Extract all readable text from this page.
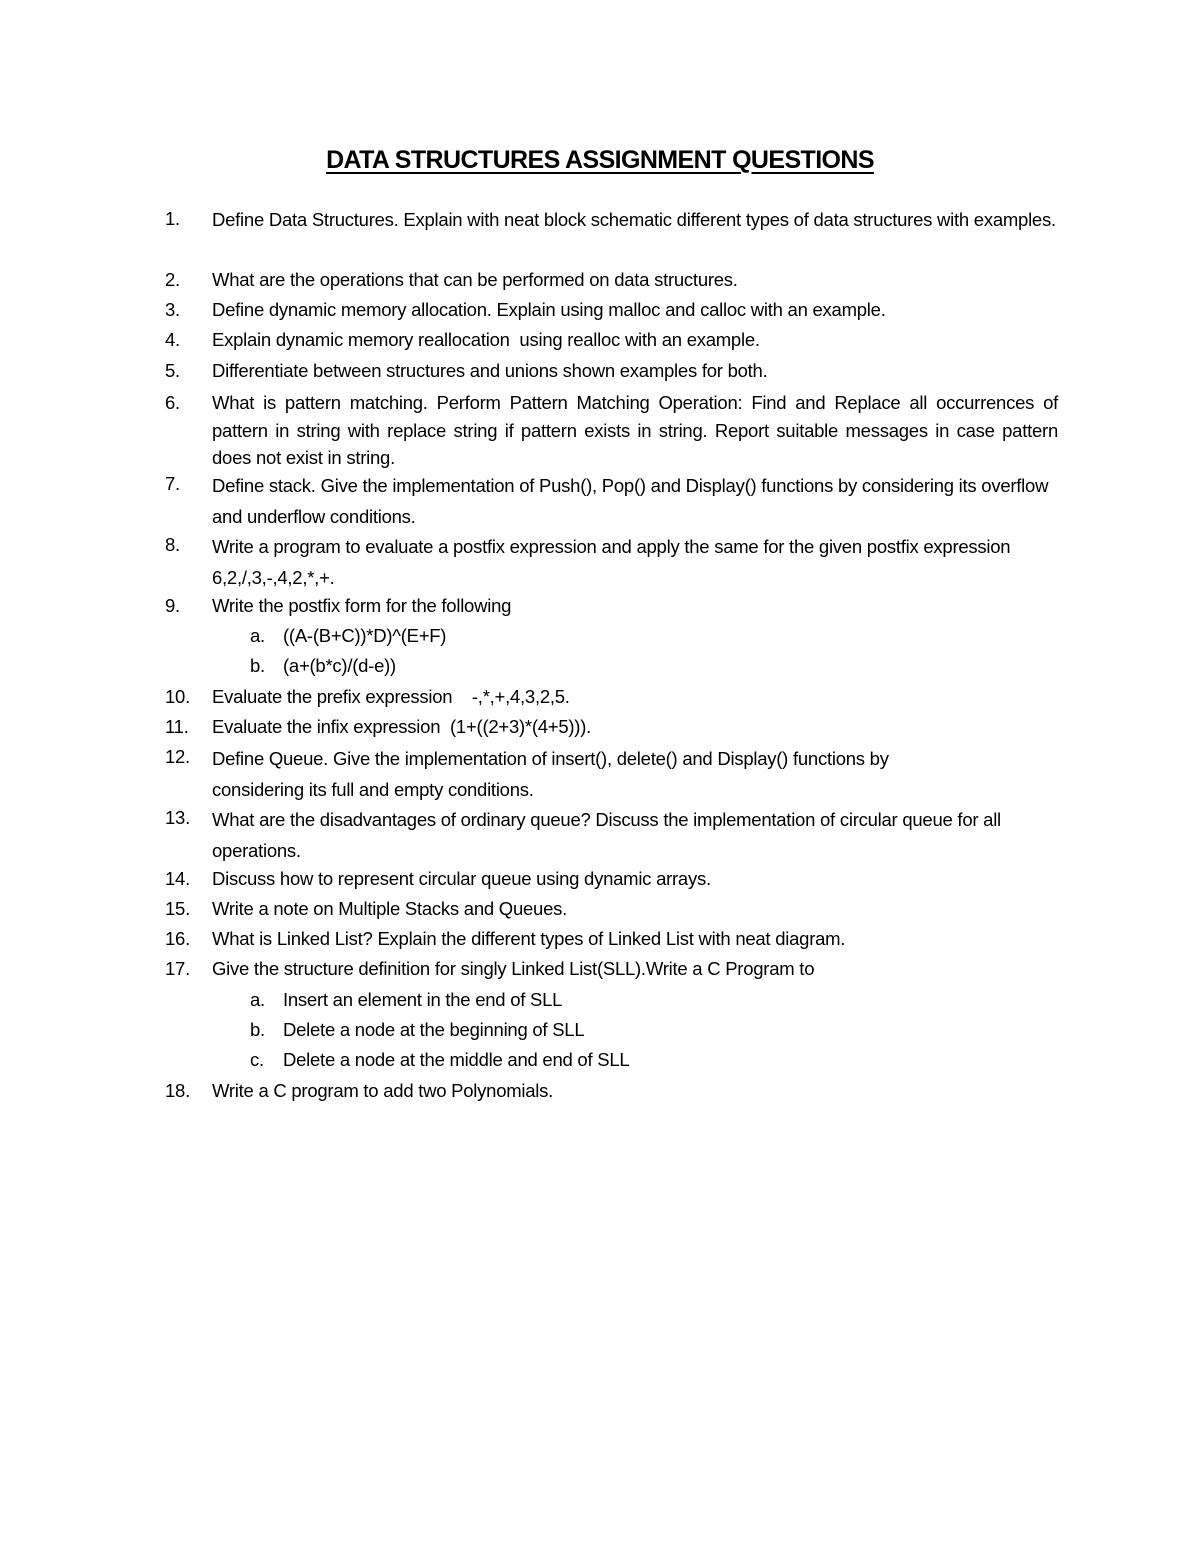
DATA STRUCTURES ASSIGNMENT QUESTIONS
1.	Define Data Structures. Explain with neat block schematic different types of data structures with examples.
2.	What are the operations that can be performed on data structures.
3.	Define dynamic memory allocation. Explain using malloc and calloc with an example.
4.	Explain dynamic memory reallocation  using realloc with an example.
5.	Differentiate between structures and unions shown examples for both.
6.	What is pattern matching. Perform Pattern Matching Operation: Find and Replace all occurrences of pattern in string with replace string if pattern exists in string. Report suitable messages in case pattern does not exist in string.
7.	Define stack. Give the implementation of Push(), Pop() and Display() functions by considering its overflow and underflow conditions.
8.	Write a program to evaluate a postfix expression and apply the same for the given postfix expression 6,2,/,3,-,4,2,*,+.
9.	Write the postfix form for the following
a. ((A-(B+C))*D)^(E+F)
b. (a+(b*c)/(d-e))
10.	Evaluate the prefix expression    -,*,+,4,3,2,5.
11.	Evaluate the infix expression  (1+((2+3)*(4+5))).
12.	Define Queue. Give the implementation of insert(), delete() and Display() functions by considering its full and empty conditions.
13.	What are the disadvantages of ordinary queue? Discuss the implementation of circular queue for all operations.
14.	Discuss how to represent circular queue using dynamic arrays.
15.	Write a note on Multiple Stacks and Queues.
16.	What is Linked List? Explain the different types of Linked List with neat diagram.
17.	Give the structure definition for singly Linked List(SLL).Write a C Program to
a. Insert an element in the end of SLL
b. Delete a node at the beginning of SLL
c.	Delete a node at the middle and end of SLL
18.	Write a C program to add two Polynomials.
